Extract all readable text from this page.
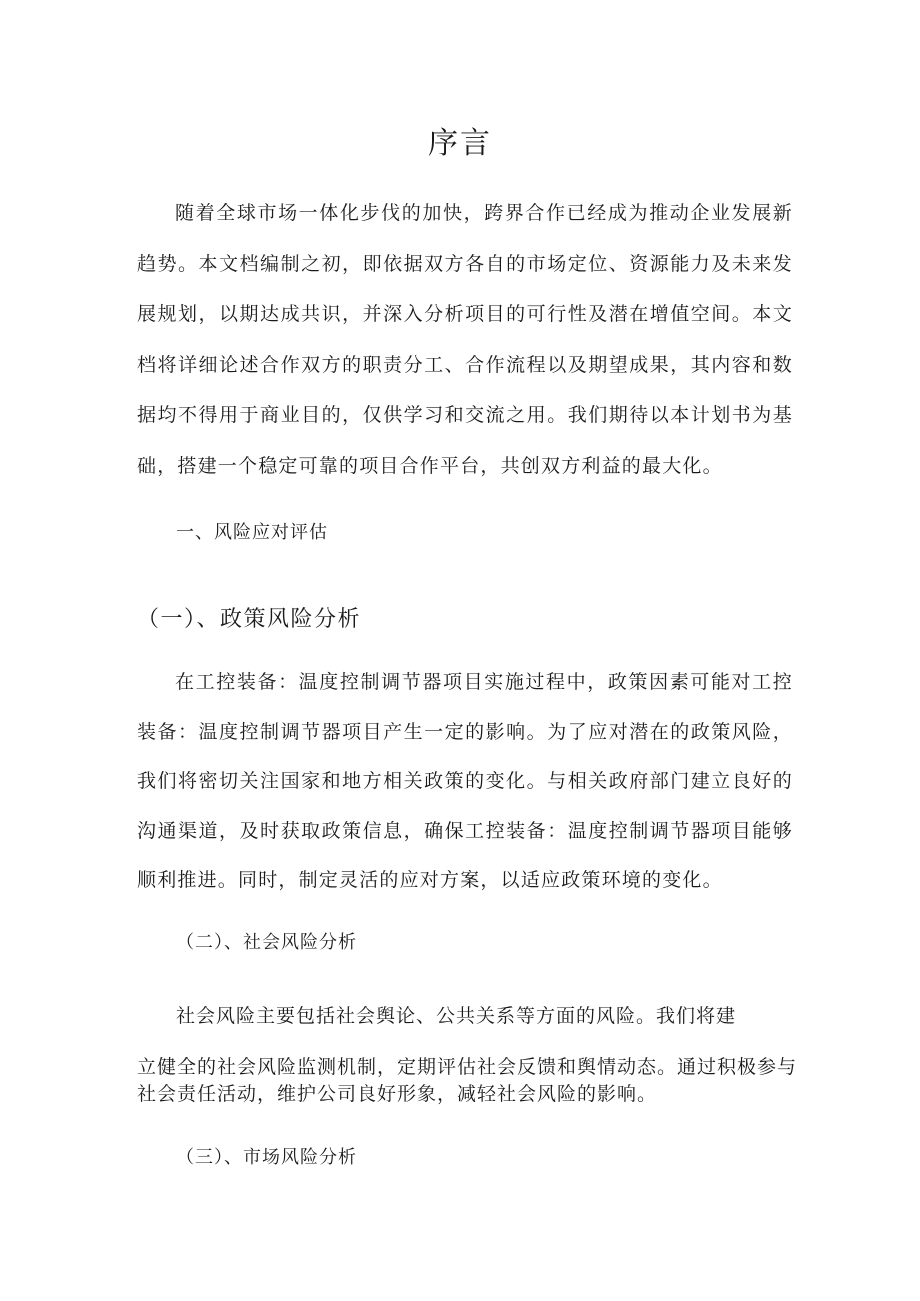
序言

随着全球市场一体化步伐的加快，跨界合作已经成为推动企业发展新趋势。本文档编制之初，即依据双方各自的市场定位、资源能力及未来发展规划，以期达成共识，并深入分析项目的可行性及潜在增值空间。本文档将详细论述合作双方的职责分工、合作流程以及期望成果，其内容和数据均不得用于商业目的，仅供学习和交流之用。我们期待以本计划书为基础，搭建一个稳定可靠的项目合作平台，共创双方利益的最大化。

一、风险应对评估
（一）、政策风险分析

在工控装备：温度控制调节器项目实施过程中，政策因素可能对工控装备：温度控制调节器项目产生一定的影响。为了应对潜在的政策风险，我们将密切关注国家和地方相关政策的变化。与相关政府部门建立良好的沟通渠道，及时获取政策信息，确保工控装备：温度控制调节器项目能够顺利推进。同时，制定灵活的应对方案，以适应政策环境的变化。

（二）、社会风险分析

社会风险主要包括社会舆论、公共关系等方面的风险。我们将建

立健全的社会风险监测机制，定期评估社会反馈和舆情动态。通过积极参与

社会责任活动，维护公司良好形象，减轻社会风险的影响。

（三）、市场风险分析
